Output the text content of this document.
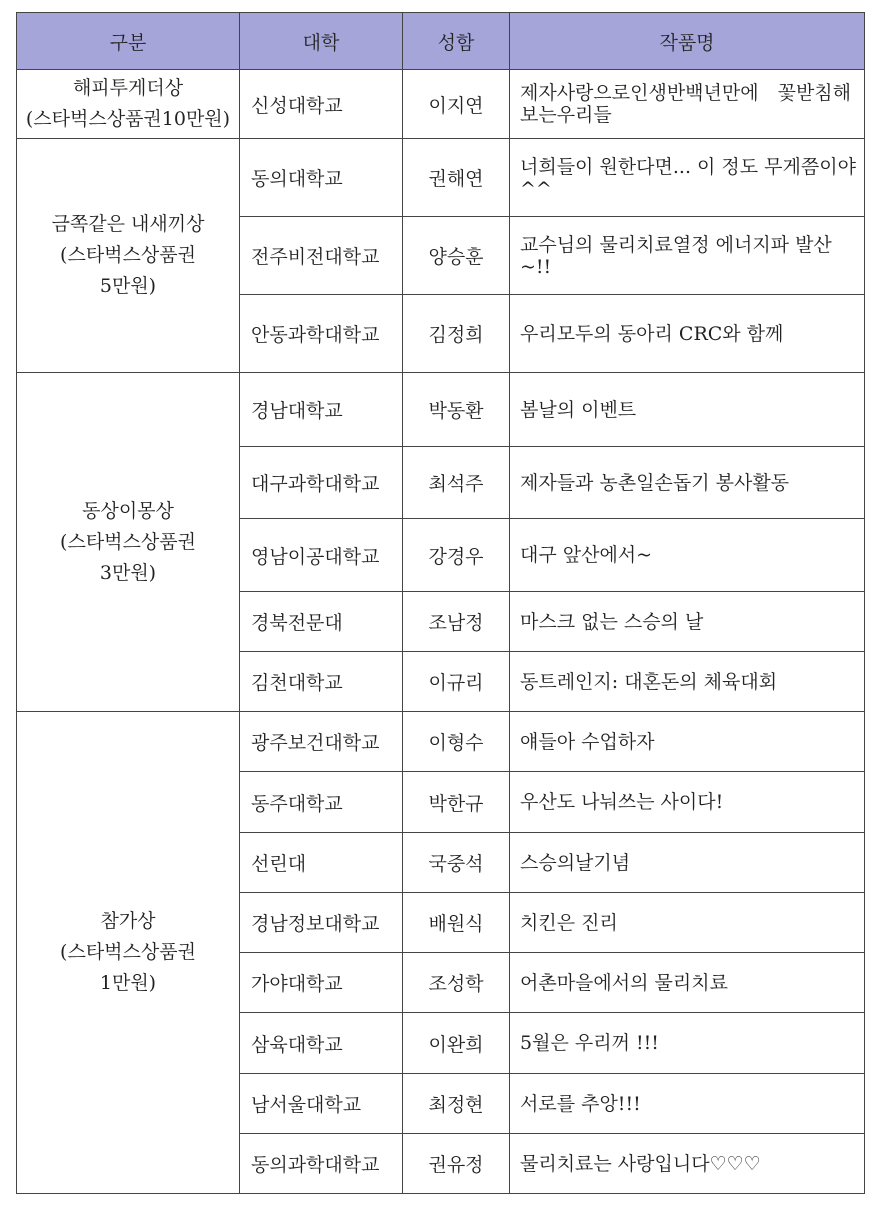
구분	대학	성함	작품명

해피투게더상
(스타벅스상품권10만원)	신성대학교	이지연	제자사랑으로인생반백년만에　꽃받침해보는우리들

금쪽같은 내새끼상
(스타벅스상품권
5만원)	동의대학교	권해연	너희들이 원한다면... 이 정도 무게쯤이야^^
	전주비전대학교	양승훈	교수님의 물리치료열정 에너지파 발산 ~!!
	안동과학대학교	김정희	우리모두의 동아리 CRC와 함께

동상이몽상
(스타벅스상품권
3만원)	경남대학교	박동환	봄날의 이벤트
	대구과학대학교	최석주	제자들과 농촌일손돕기 봉사활동
	영남이공대학교	강경우	대구 앞산에서~
	경북전문대	조남정	마스크 없는 스승의 날
	김천대학교	이규리	동트레인지: 대혼돈의 체육대회

참가상
(스타벅스상품권
1만원)	광주보건대학교	이형수	얘들아 수업하자
	동주대학교	박한규	우산도 나눠쓰는 사이다!
	선린대	국중석	스승의날기념
	경남정보대학교	배원식	치킨은 진리
	가야대학교	조성학	어촌마을에서의 물리치료
	삼육대학교	이완희	5월은 우리꺼 !!!
	남서울대학교	최정현	서로를 추앙!!!
	동의과학대학교	권유정	물리치료는 사랑입니다♡♡♡
